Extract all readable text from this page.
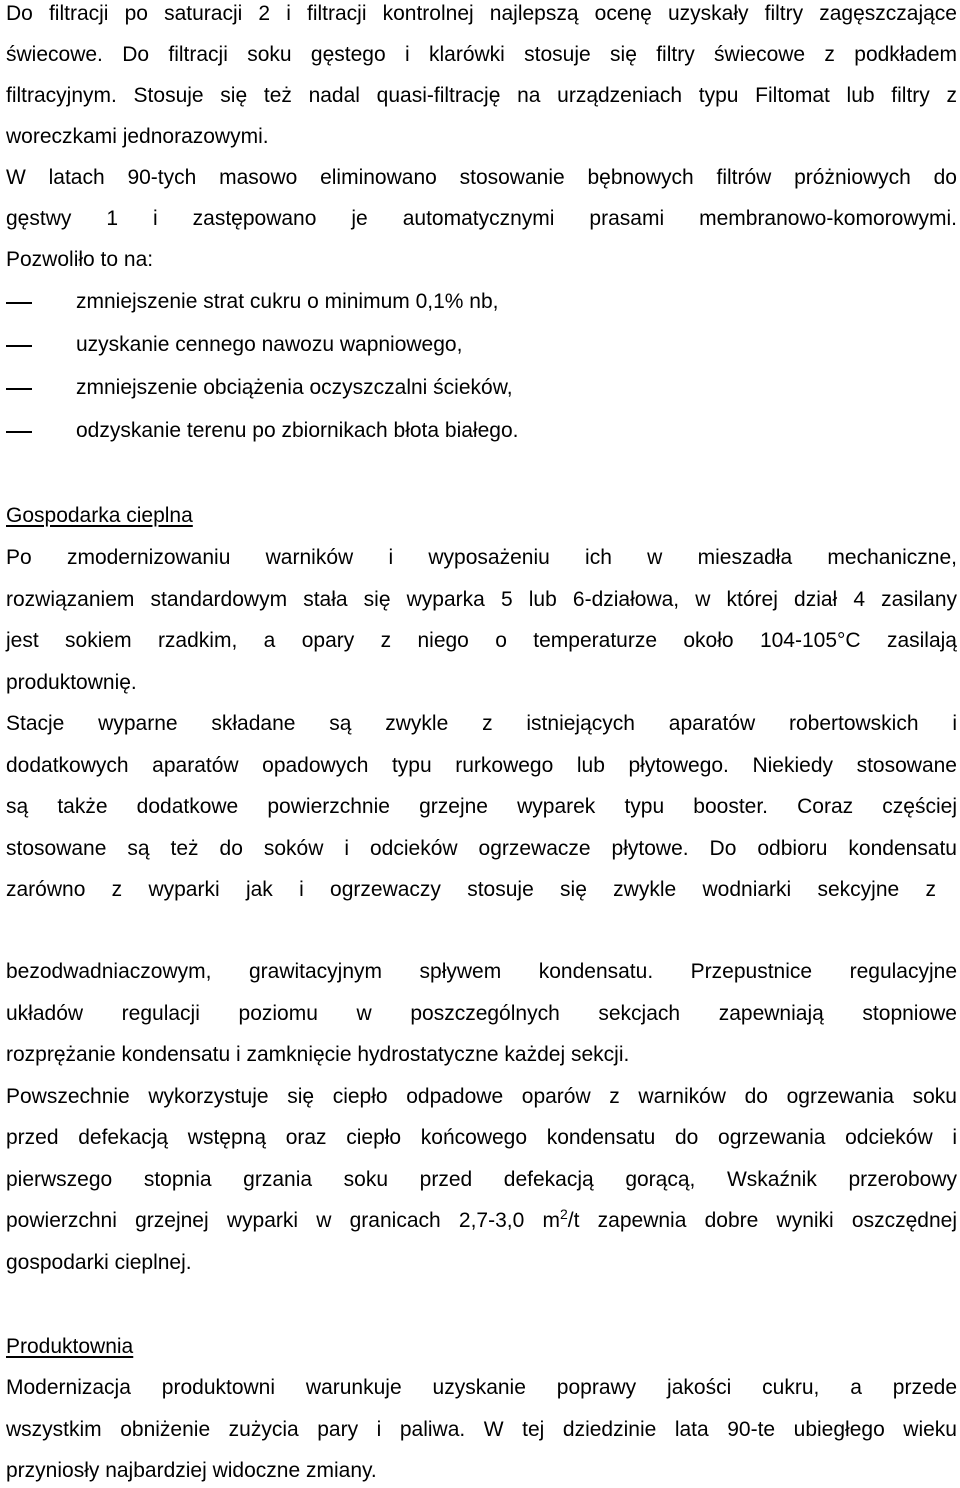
Do filtracji po saturacji 2 i filtracji kontrolnej najlepszą ocenę uzyskały filtry zagęszczające
świecowe. Do filtracji soku gęstego i klarówki stosuje się filtry świecowe z podkładem
filtracyjnym. Stosuje się też nadal quasi-filtrację na urządzeniach typu Filtomat lub filtry z
woreczkami jednorazowymi.
W latach 90-tych masowo eliminowano stosowanie bębnowych filtrów próżniowych do
gęstwy 1 i zastępowano je automatycznymi prasami membranowo-komorowymi.
Pozwoliło to na:
zmniejszenie strat cukru o minimum 0,1% nb,
uzyskanie cennego nawozu wapniowego,
zmniejszenie obciążenia oczyszczalni ścieków,
odzyskanie terenu po zbiornikach błota białego.
Gospodarka cieplna
Po zmodernizowaniu warników i wyposażeniu ich w mieszadła mechaniczne,
rozwiązaniem standardowym stała się wyparka 5 lub 6-działowa, w której dział 4 zasilany
jest sokiem rzadkim, a opary z niego o temperaturze około 104-105°C zasilają
produktownię.
Stacje wyparne składane są zwykle z istniejących aparatów robertowskich i
dodatkowych aparatów opadowych typu rurkowego lub płytowego. Niekiedy stosowane
są także dodatkowe powierzchnie grzejne wyparek typu booster. Coraz częściej
stosowane są też do soków i odcieków ogrzewacze płytowe. Do odbioru kondensatu
zarówno z wyparki jak i ogrzewaczy stosuje się zwykle wodniarki sekcyjne z
bezodwadniaczowym, grawitacyjnym spływem kondensatu. Przepustnice regulacyjne
układów regulacji poziomu w poszczególnych sekcjach zapewniają stopniowe
rozprężanie kondensatu i zamknięcie hydrostatyczne każdej sekcji.
Powszechnie wykorzystuje się ciepło odpadowe oparów z warników do ogrzewania soku
przed defekacją wstępną oraz ciepło końcowego kondensatu do ogrzewania odcieków i
pierwszego stopnia grzania soku przed defekacją gorącą, Wskaźnik przerobowy
powierzchni grzejnej wyparki w granicach 2,7-3,0 $m^2/t$ zapewnia dobre wyniki oszczędnej
gospodarki cieplnej.
Produktownia
Modernizacja produktowni warunkuje uzyskanie poprawy jakości cukru, a przede
wszystkim obniżenie zużycia pary i paliwa. W tej dziedzinie lata 90-te ubiegłego wieku
przyniosły najbardziej widoczne zmiany.
